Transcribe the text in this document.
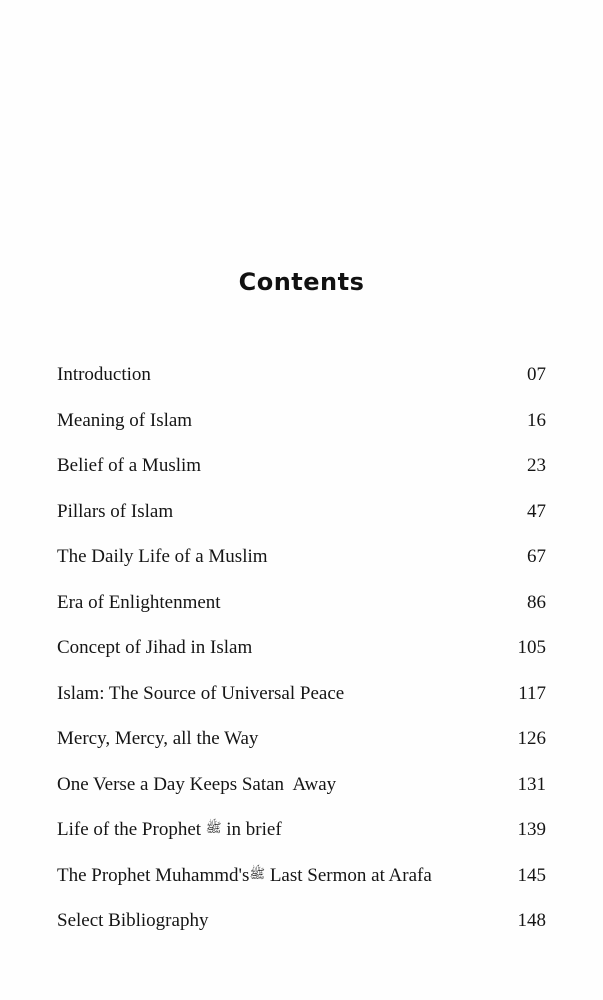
Contents
Introduction	07
Meaning of Islam	16
Belief of a Muslim	23
Pillars of Islam	47
The Daily Life of a Muslim	67
Era of Enlightenment	86
Concept of Jihad in Islam	105
Islam: The Source of Universal Peace	117
Mercy, Mercy, all the Way	126
One Verse a Day Keeps Satan  Away	131
Life of the Prophet ﷺ in brief	139
The Prophet Muhammd'sﷺ Last Sermon at Arafa	145
Select Bibliography	148
